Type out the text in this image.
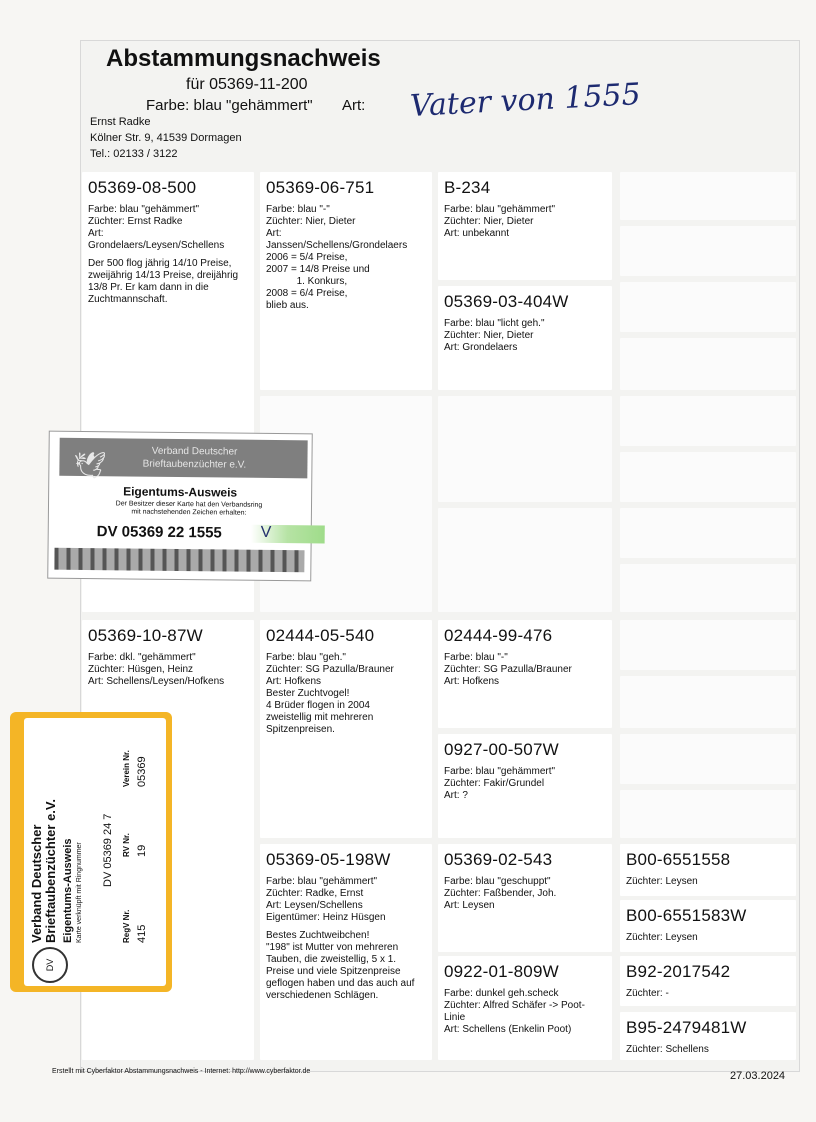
Abstammungsnachweis
für 05369-11-200
Farbe: blau "gehämmert" Art: Vater von 1555
Ernst Radke
Kölner Str. 9, 41539 Dormagen
Tel.: 02133 / 3122
05369-08-500
Farbe: blau "gehämmert"
Züchter: Ernst Radke
Art:
Grondelaers/Leysen/Schellens
Der 500 flog jährig 14/10 Preise,
zweijährig 14/13 Preise, dreijährig
13/8 Pr. Er kam dann in die
Zuchtmannschaft.
05369-06-751
Farbe: blau "-"
Züchter: Nier, Dieter
Art:
Janssen/Schellens/Grondelaers
2006 = 5/4 Preise,
2007 = 14/8 Preise und
1. Konkurs,
2008 = 6/4 Preise,
blieb aus.
B-234
Farbe: blau "gehämmert"
Züchter: Nier, Dieter
Art: unbekannt
05369-03-404W
Farbe: blau "licht geh."
Züchter: Nier, Dieter
Art: Grondelaers
05369-10-87W
Farbe: dkl. "gehämmert"
Züchter: Hüsgen, Heinz
Art: Schellens/Leysen/Hofkens
02444-05-540
Farbe: blau "geh."
Züchter: SG Pazulla/Brauner
Art: Hofkens
Bester Zuchtvogel!
4 Brüder flogen in 2004
zweistellig mit mehreren
Spitzenpreisen.
05369-05-198W
Farbe: blau "gehämmert"
Züchter: Radke, Ernst
Art: Leysen/Schellens
Eigentümer: Heinz Hüsgen
Bestes Zuchtweibchen!
"198" ist Mutter von mehreren
Tauben, die zweistellig, 5 x 1.
Preise und viele Spitzenpreise
geflogen haben und das auch auf
verschiedenen Schlägen.
02444-99-476
Farbe: blau "-"
Züchter: SG Pazulla/Brauner
Art: Hofkens
0927-00-507W
Farbe: blau "gehämmert"
Züchter: Fakir/Grundel
Art: ?
05369-02-543
Farbe: blau "geschuppt"
Züchter: Faßbender, Joh.
Art: Leysen
0922-01-809W
Farbe: dunkel geh.scheck
Züchter: Alfred Schäfer -> Poot-
Linie
Art: Schellens (Enkelin Poot)
B00-6551558
Züchter: Leysen
B00-6551583W
Züchter: Leysen
B92-2017542
Züchter: -
B95-2479481W
Züchter: Schellens
🕊	Verband Deutscher
Brieftaubenzüchter e.V.
Eigentums-Ausweis
Der Besitzer dieser Karte hat den Verbandsring
mit nachstehenden Zeichen erhalten:
DV 05369 22 1555	V
DV
Verband Deutscher
Brieftaubenzüchter e.V.
Eigentums-Ausweis Karte verknüpft mit Ringnummer DV 05369 24 7
RegV Nr. 415
RV Nr. 19
Verein Nr. 05369
Erstellt mit Cyberfaktor Abstammungsnachweis - Internet: http://www.cyberfaktor.de	27.03.2024
